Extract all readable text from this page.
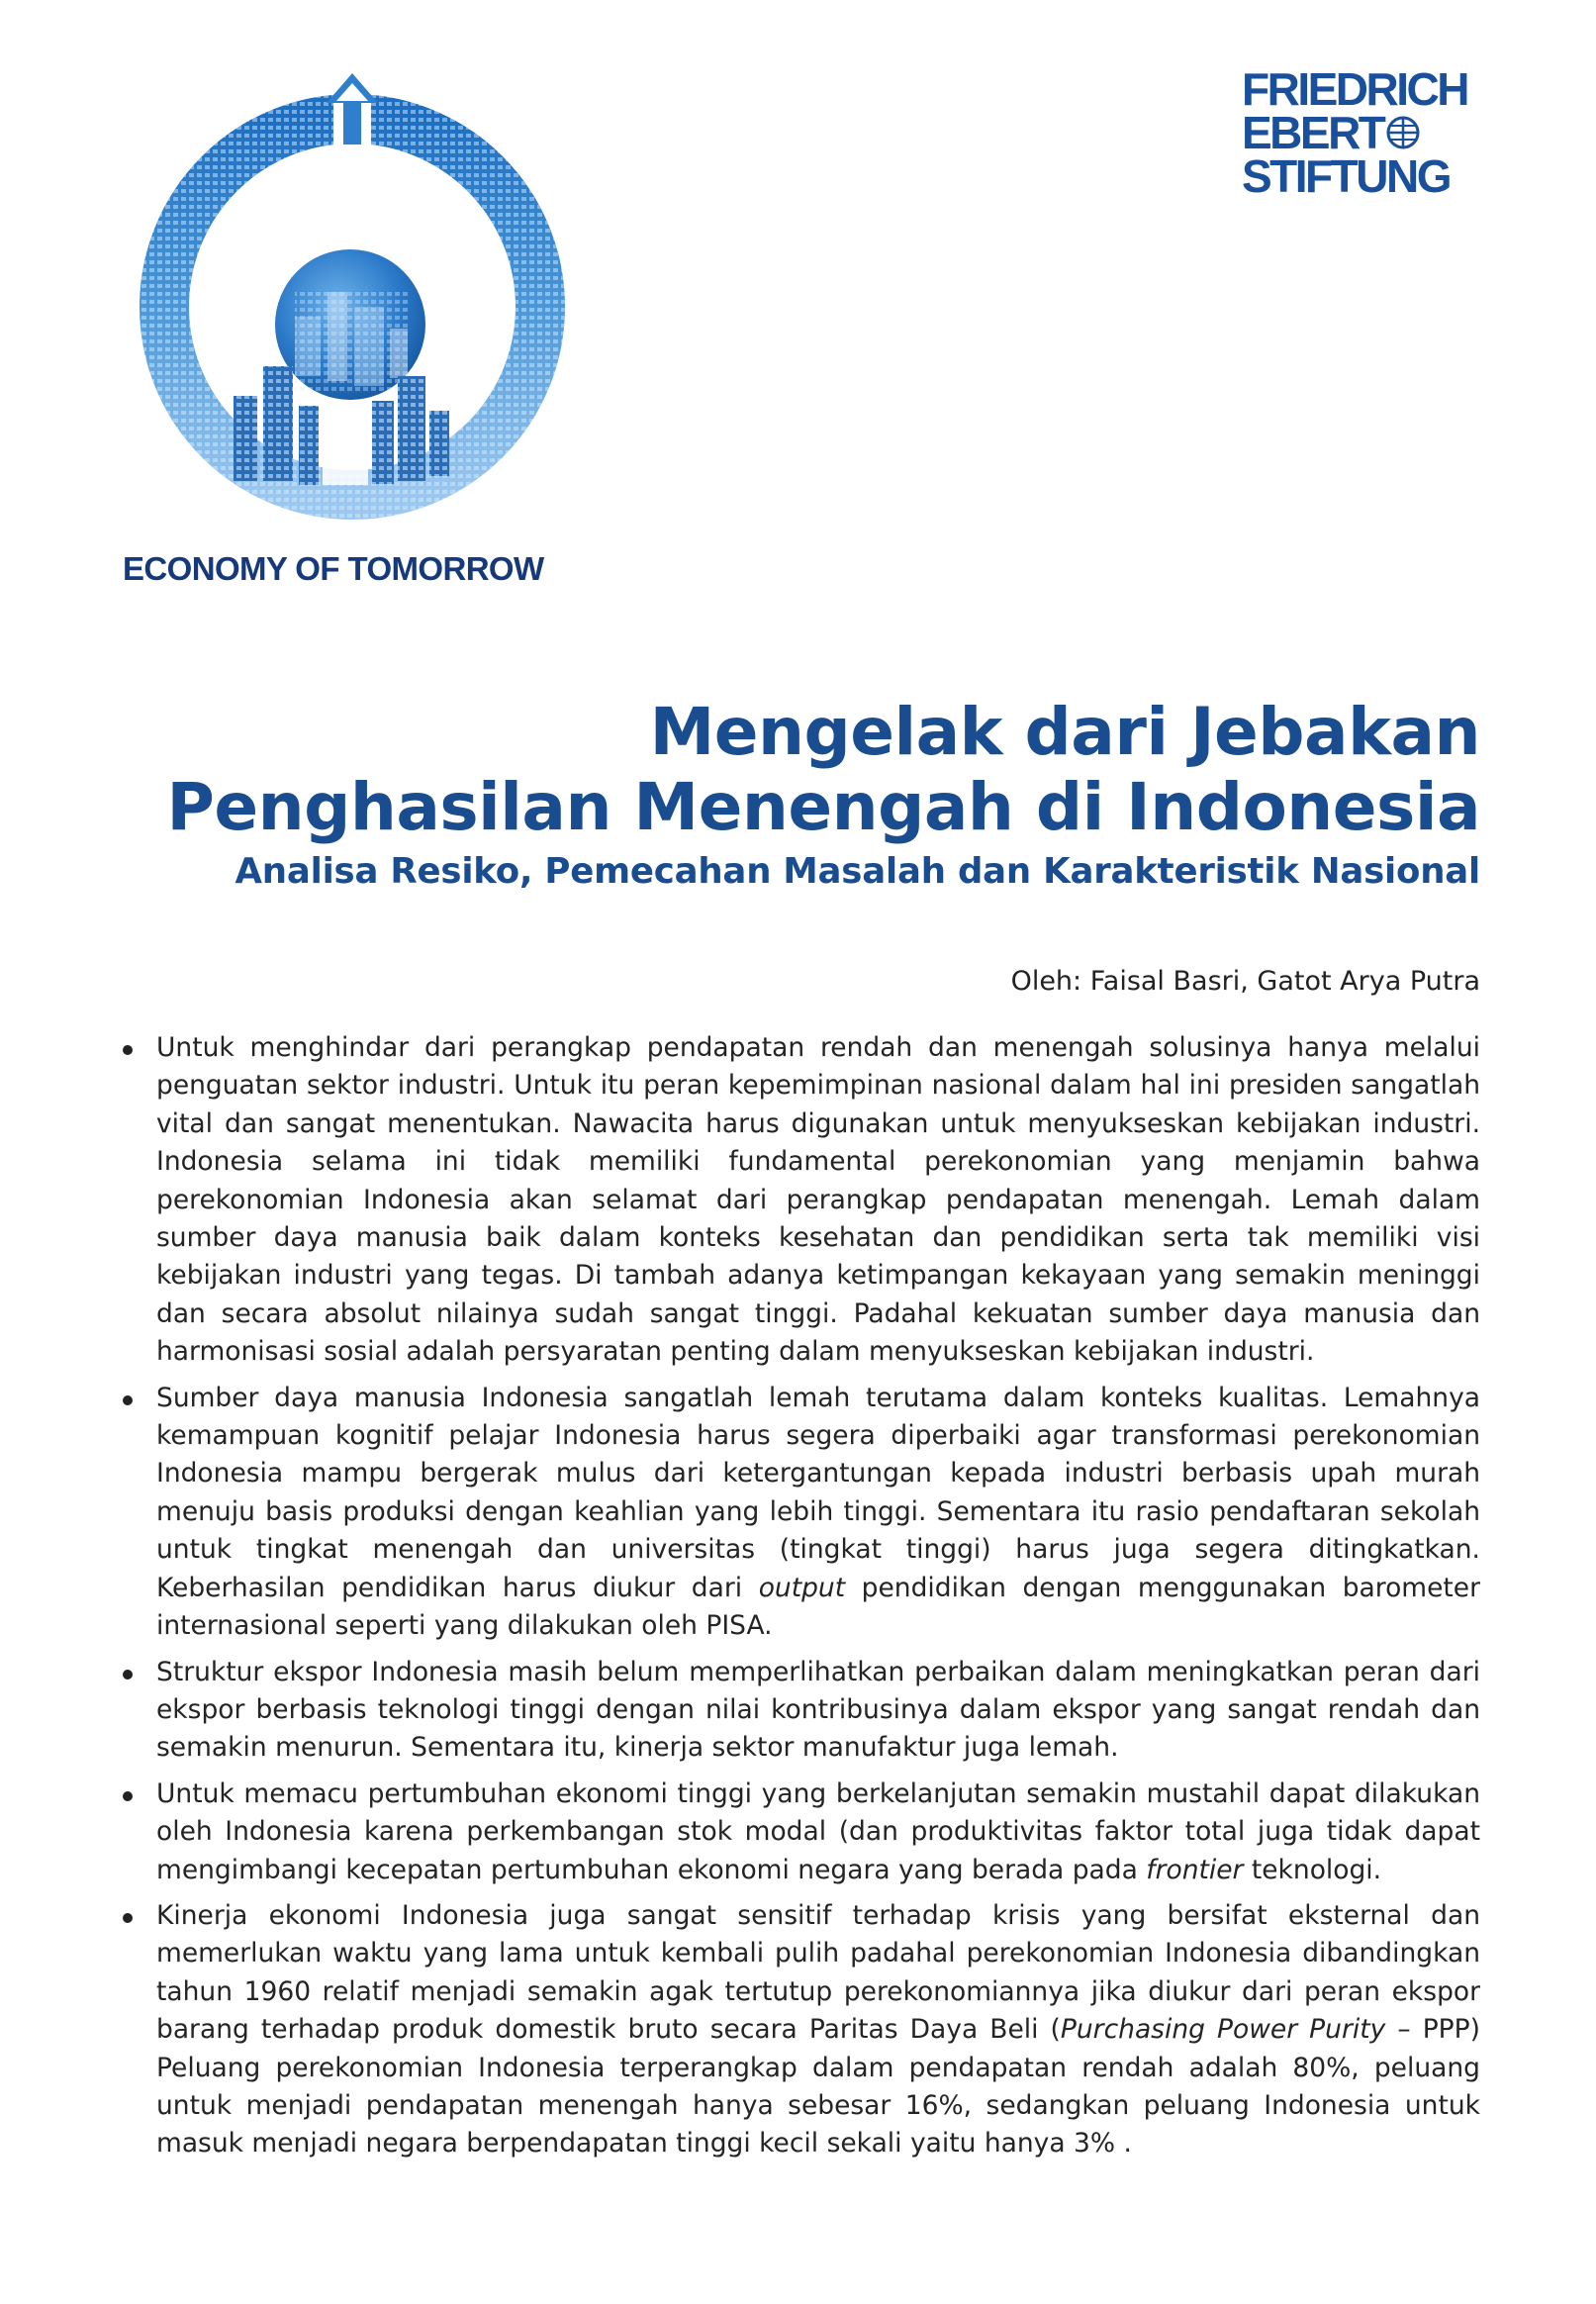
ECONOMY OF TOMORROW
FRIEDRICH
EBERT
STIFTUNG
Mengelak dari Jebakan
Penghasilan Menengah di Indonesia
Analisa Resiko, Pemecahan Masalah dan Karakteristik Nasional
Oleh: Faisal Basri, Gatot Arya Putra
Untuk menghindar dari perangkap pendapatan rendah dan menengah solusinya hanya melalui penguatan sektor industri. Untuk itu peran kepemimpinan nasional dalam hal ini presiden sangatlah vital dan sangat menentukan. Nawacita harus digunakan untuk menyukseskan kebijakan industri. Indonesia selama ini tidak memiliki fundamental perekonomian yang menjamin bahwa perekonomian Indonesia akan selamat dari perangkap pendapatan menengah. Lemah dalam sumber daya manusia baik dalam konteks kesehatan dan pendidikan serta tak memiliki visi kebijakan industri yang tegas. Di tambah adanya ketimpangan kekayaan yang semakin meninggi dan secara absolut nilainya sudah sangat tinggi. Padahal kekuatan sumber daya manusia dan harmonisasi sosial adalah persyaratan penting dalam menyukseskan kebijakan industri.
Sumber daya manusia Indonesia sangatlah lemah terutama dalam konteks kualitas. Lemahnya kemampuan kognitif pelajar Indonesia harus segera diperbaiki agar transformasi perekonomian Indonesia mampu bergerak mulus dari ketergantungan kepada industri berbasis upah murah menuju basis produksi dengan keahlian yang lebih tinggi. Sementara itu rasio pendaftaran sekolah untuk tingkat menengah dan universitas (tingkat tinggi) harus juga segera ditingkatkan. Keberhasilan pendidikan harus diukur dari output pendidikan dengan menggunakan barometer internasional seperti yang dilakukan oleh PISA.
Struktur ekspor Indonesia masih belum memperlihatkan perbaikan dalam meningkatkan peran dari ekspor berbasis teknologi tinggi dengan nilai kontribusinya dalam ekspor yang sangat rendah dan semakin menurun. Sementara itu, kinerja sektor manufaktur juga lemah.
Untuk memacu pertumbuhan ekonomi tinggi yang berkelanjutan semakin mustahil dapat dilakukan oleh Indonesia karena perkembangan stok modal (dan produktivitas faktor total juga tidak dapat mengimbangi kecepatan pertumbuhan ekonomi negara yang berada pada frontier teknologi.
Kinerja ekonomi Indonesia juga sangat sensitif terhadap krisis yang bersifat eksternal dan memerlukan waktu yang lama untuk kembali pulih padahal perekonomian Indonesia dibandingkan tahun 1960 relatif menjadi semakin agak tertutup perekonomiannya jika diukur dari peran ekspor barang terhadap produk domestik bruto secara Paritas Daya Beli (Purchasing Power Purity – PPP) Peluang perekonomian Indonesia terperangkap dalam pendapatan rendah adalah 80%, peluang untuk menjadi pendapatan menengah hanya sebesar 16%, sedangkan peluang Indonesia untuk masuk menjadi negara berpendapatan tinggi kecil sekali yaitu hanya 3% .
